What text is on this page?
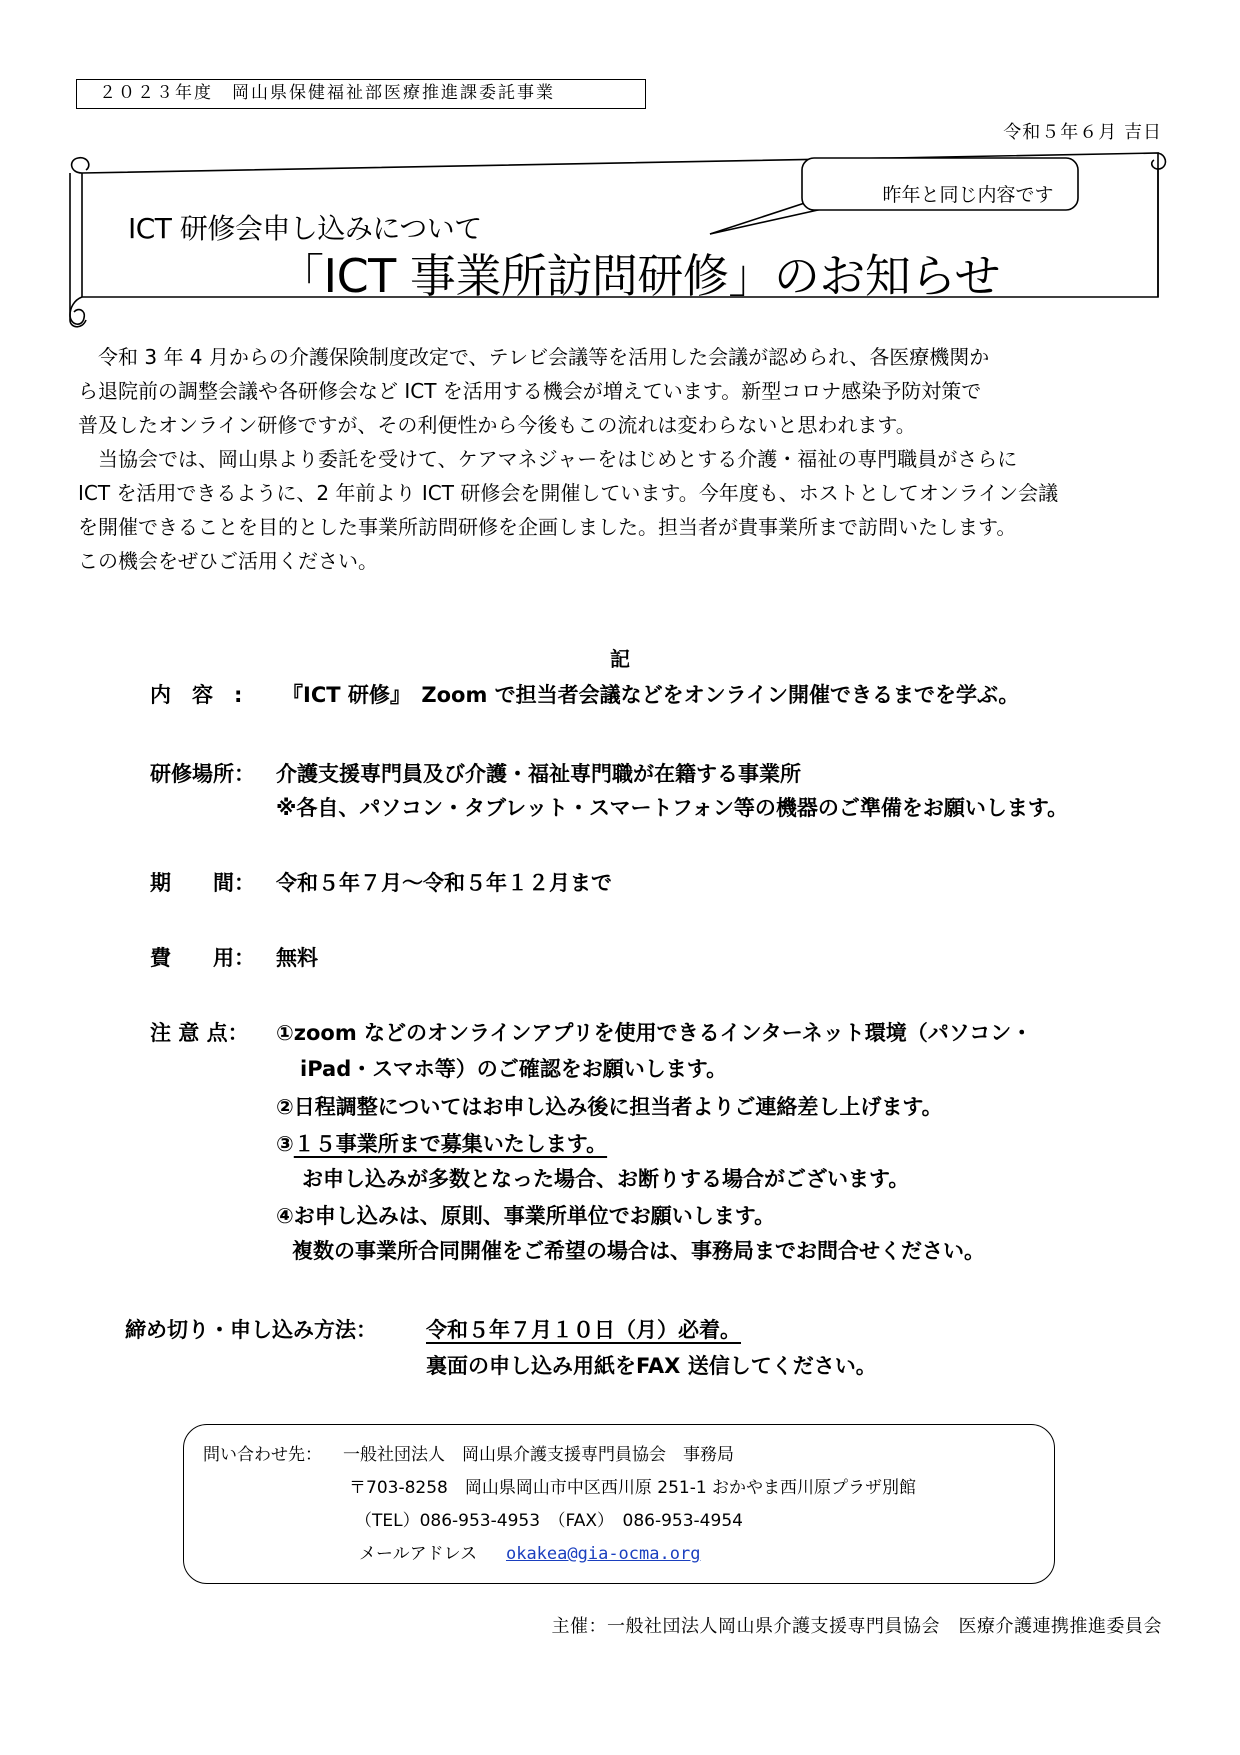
２０２３年度　岡山県保健福祉部医療推進課委託事業
令和５年６月 吉日
昨年と同じ内容です
ICT 研修会申し込みについて
「ICT 事業所訪問研修」のお知らせ

令和 3 年 4 月からの介護保険制度改定で、テレビ会議等を活用した会議が認められ、各医療機関か

ら退院前の調整会議や各研修会など ICT を活用する機会が増えています。新型コロナ感染予防対策で

普及したオンライン研修ですが、その利便性から今後もこの流れは変わらないと思われます。

当協会では、岡山県より委託を受けて、ケアマネジャーをはじめとする介護・福祉の専門職員がさらに

ICT を活用できるように、2 年前より ICT 研修会を開催しています。今年度も、ホストとしてオンライン会議

を開催できることを目的とした事業所訪問研修を企画しました。担当者が貴事業所まで訪問いたします。

この機会をぜひご活用ください。

記
内　容　: 『ICT 研修』　Zoom で担当者会議などをオンライン開催できるまでを学ぶ。
研修場所： 介護支援専門員及び介護・福祉専門職が在籍する事業所
※各自、パソコン・タブレット・スマートフォン等の機器のご準備をお願いします。
期　　間： 令和５年７月～令和５年１２月まで
費　　用： 無料
注 意 点： ①zoom などのオンラインアプリを使用できるインターネット環境（パソコン・
iPad・スマホ等）のご確認をお願いします。
②日程調整についてはお申し込み後に担当者よりご連絡差し上げます。
③１５事業所まで募集いたします。
お申し込みが多数となった場合、お断りする場合がございます。
④お申し込みは、原則、事業所単位でお願いします。
複数の事業所合同開催をご希望の場合は、事務局までお問合せください。
締め切り・申し込み方法： 令和５年７月１０日（月）必着。
裏面の申し込み用紙をFAX 送信してください。
問い合わせ先： 一般社団法人　岡山県介護支援専門員協会　事務局
〒703-8258　岡山県岡山市中区西川原 251-1 おかやま西川原プラザ別館
（TEL）086-953-4953　（FAX）　086-953-4954
メールアドレス okakea@gia-ocma.org
主催：一般社団法人岡山県介護支援専門員協会　医療介護連携推進委員会
